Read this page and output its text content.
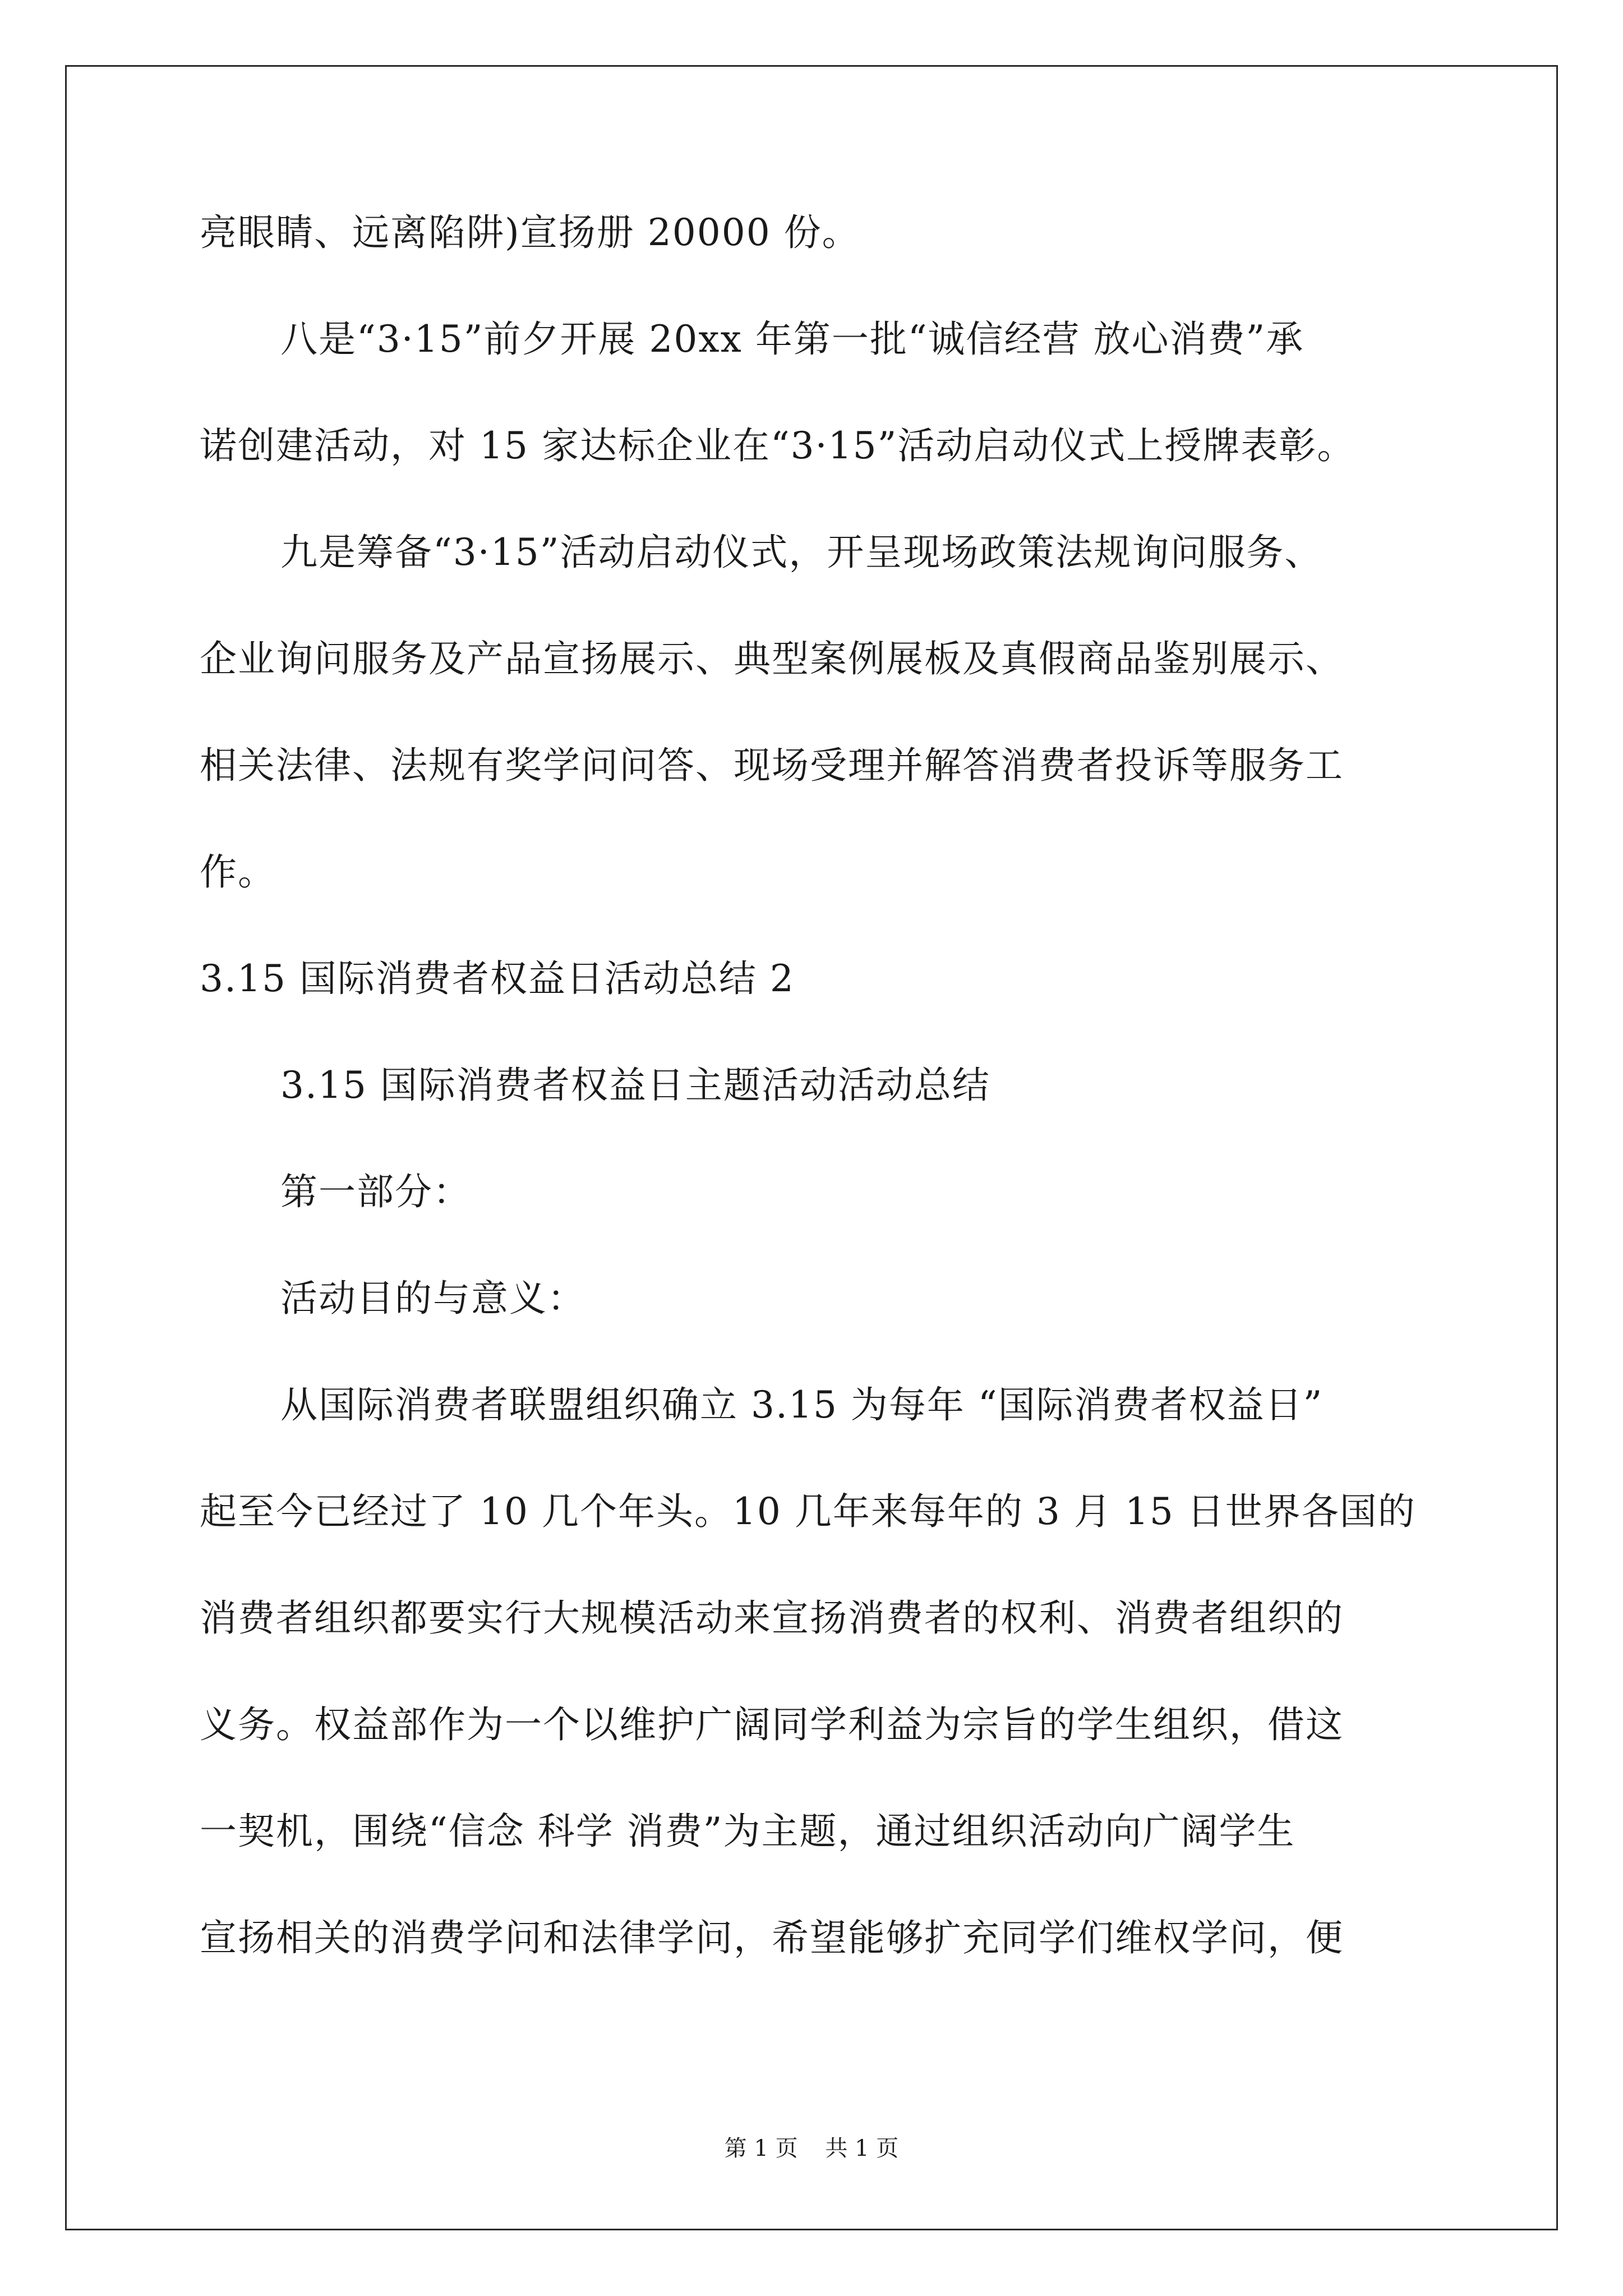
亮眼睛、远离陷阱)宣扬册 20000 份。
八是“3·15”前夕开展 20xx 年第一批“诚信经营 放心消费”承
诺创建活动，对 15 家达标企业在“3·15”活动启动仪式上授牌表彰。
九是筹备“3·15”活动启动仪式，开呈现场政策法规询问服务、
企业询问服务及产品宣扬展示、典型案例展板及真假商品鉴别展示、
相关法律、法规有奖学问问答、现场受理并解答消费者投诉等服务工
作。
3.15 国际消费者权益日活动总结 2
3.15 国际消费者权益日主题活动活动总结
第一部分：
活动目的与意义：
从国际消费者联盟组织确立 3.15 为每年 “国际消费者权益日”
起至今已经过了 10 几个年头。10 几年来每年的 3 月 15 日世界各国的
消费者组织都要实行大规模活动来宣扬消费者的权利、消费者组织的
义务。权益部作为一个以维护广阔同学利益为宗旨的学生组织，借这
一契机，围绕“信念 科学 消费”为主题，通过组织活动向广阔学生
宣扬相关的消费学问和法律学问，希望能够扩充同学们维权学问，便
第 1 页 共 1 页
